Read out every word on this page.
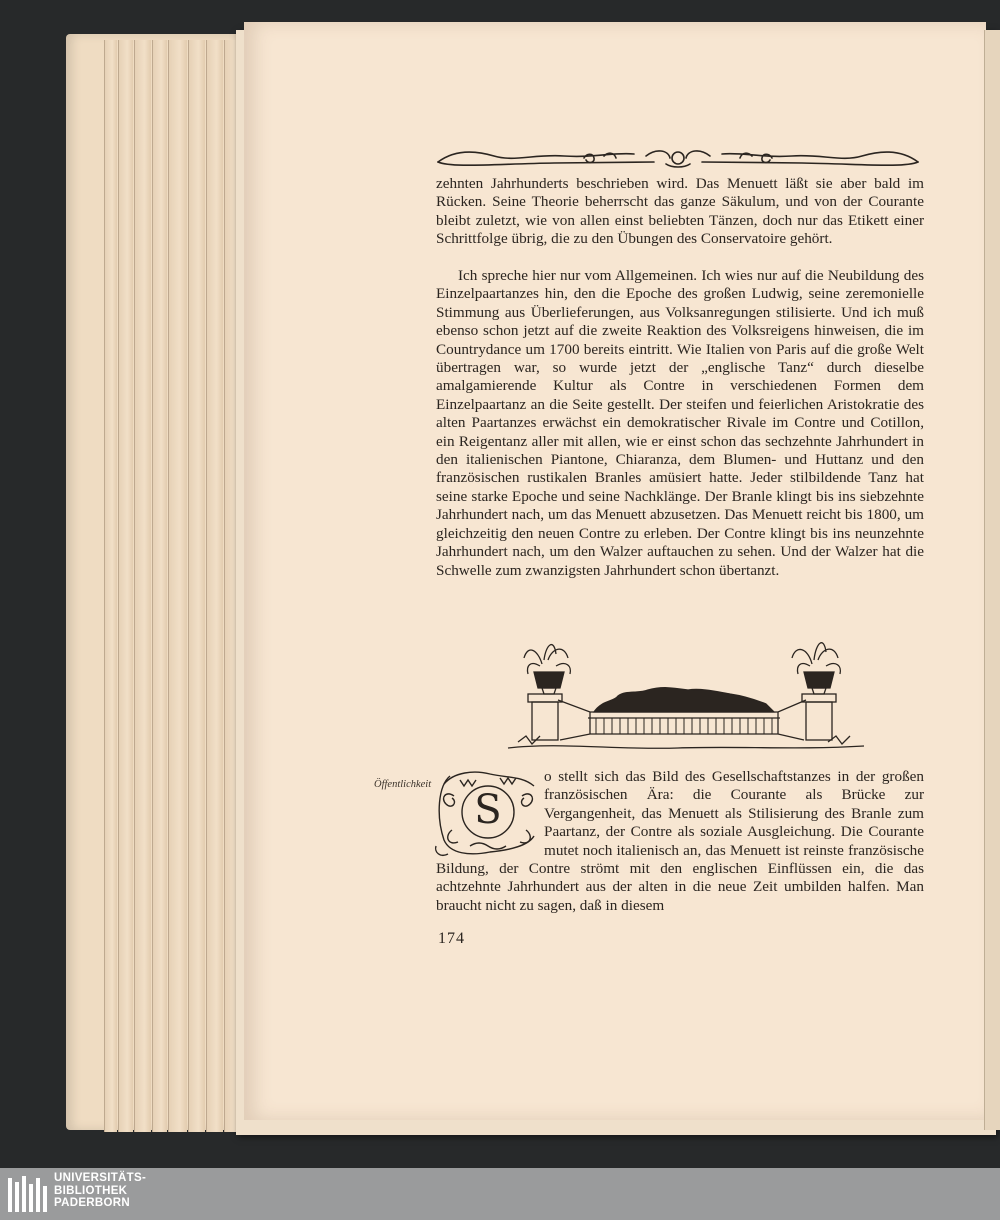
zehnten Jahrhunderts beschrieben wird. Das Menuett läßt sie aber bald im Rücken. Seine Theorie beherrscht das ganze Säkulum, und von der Courante bleibt zuletzt, wie von allen einst beliebten Tänzen, doch nur das Etikett einer Schrittfolge übrig, die zu den Übungen des Conservatoire gehört.

Ich spreche hier nur vom Allgemeinen. Ich wies nur auf die Neubildung des Einzelpaartanzes hin, den die Epoche des großen Ludwig, seine zeremonielle Stimmung aus Überlieferungen, aus Volksanregungen stilisierte. Und ich muß ebenso schon jetzt auf die zweite Reaktion des Volksreigens hinweisen, die im Countrydance um 1700 bereits eintritt. Wie Italien von Paris auf die große Welt übertragen war, so wurde jetzt der „englische Tanz“ durch dieselbe amalgamierende Kultur als Contre in verschiedenen Formen dem Einzelpaartanz an die Seite gestellt. Der steifen und feierlichen Aristokratie des alten Paartanzes erwächst ein demokratischer Rivale im Contre und Cotillon, ein Reigentanz aller mit allen, wie er einst schon das sechzehnte Jahrhundert in den italienischen Piantone, Chiaranza, dem Blumen- und Huttanz und den französischen rustikalen Branles amüsiert hatte. Jeder stilbildende Tanz hat seine starke Epoche und seine Nachklänge. Der Branle klingt bis ins siebzehnte Jahrhundert nach, um das Menuett abzusetzen. Das Menuett reicht bis 1800, um gleichzeitig den neuen Contre zu erleben. Der Contre klingt bis ins neunzehnte Jahrhundert nach, um den Walzer auftauchen zu sehen. Und der Walzer hat die Schwelle zum zwanzigsten Jahrhundert schon übertanzt.

Öffentlichkeit

S
o stellt sich das Bild des Gesellschaftstanzes in der großen französischen Ära: die Courante als Brücke zur Vergangenheit, das Menuett als Stilisierung des Branle zum Paartanz, der Contre als soziale Ausgleichung. Die Courante mutet noch italienisch an, das Menuett ist reinste französische Bildung, der Contre strömt mit den englischen Einflüssen ein, die das achtzehnte Jahrhundert aus der alten in die neue Zeit umbilden halfen. Man braucht nicht zu sagen, daß in diesem

174
UNIVERSITÄTS-
BIBLIOTHEK
PADERBORN
